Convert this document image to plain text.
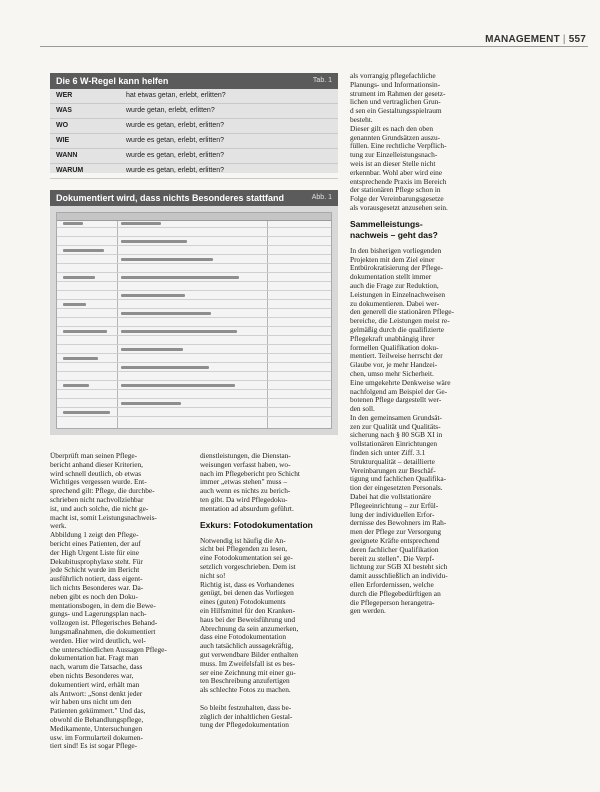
MANAGEMENT | 557
Die 6 W-Regel kann helfen	Tab. 1
WER	hat etwas getan, erlebt, erlitten?
WAS	wurde getan, erlebt, erlitten?
WO	wurde es getan, erlebt, erlitten?
WIE	wurde es getan, erlebt, erlitten?
WANN	wurde es getan, erlebt, erlitten?
WARUM	wurde es getan, erlebt, erlitten?
Dokumentiert wird, dass nichts Besonderes stattfand	Abb. 1
Überprüft man seinen Pflege-
bericht anhand dieser Kriterien,
wird schnell deutlich, ob etwas
Wichtiges vergessen wurde. Ent-
sprechend gilt: Pflege, die durchbe-
schrieben nicht nachvollziehbar
ist, und auch solche, die nicht ge-
macht ist, somit Leistungsnachweis-
werk.
Abbildung 1 zeigt den Pflege-
bericht eines Patienten, der auf
der High Urgent Liste für eine
Dekubitusprophylaxe steht. Für
jede Schicht wurde im Bericht
ausführlich notiert, dass eigent-
lich nichts Besonderes war. Da-
neben gibt es noch den Doku-
mentationsbogen, in dem die Bewe-
gungs- und Lagerungsplan nach-
vollzogen ist. Pflegerisches Behand-
lungsmaßnahmen, die dokumentiert
werden. Hier wird deutlich, wel-
che unterschiedlichen Aussagen Pflege-
dokumentation hat. Fragt man
nach, warum die Tatsache, dass
eben nichts Besonderes war,
dokumentiert wird, erhält man
als Antwort: „Sonst denkt jeder
wir haben uns nicht um den
Patienten gekümmert." Und das,
obwohl die Behandlungspflege,
Medikamente, Untersuchungen
usw. im Formularteil dokumen-
tiert sind! Es ist sogar Pflege-
dienstleistungen, die Dienstan-
weisungen verfasst haben, wo-
nach im Pflegebericht pro Schicht
immer „etwas stehen" muss –
auch wenn es nichts zu berich-
ten gibt. Da wird Pflegedoku-
mentation ad absurdum geführt.
Exkurs: Fotodokumentation
Notwendig ist häufig die An-
sicht bei Pflegenden zu lesen,
eine Fotodokumentation sei ge-
setzlich vorgeschrieben. Dem ist
nicht so!
Richtig ist, dass es Vorhandenes
genügt, bei denen das Vorliegen
eines (guten) Fotodokuments
ein Hilfsmittel für den Kranken-
haus bei der Beweisführung und
Abrechnung da sein anzumerken,
dass eine Fotodokumentation
auch tatsächlich aussagekräftig,
gut verwendbare Bilder enthalten
muss. Im Zweifelsfall ist es bes-
ser eine Zeichnung mit einer gu-
ten Beschreibung anzufertigen
als schlechte Fotos zu machen.

So bleibt festzuhalten, dass be-
züglich der inhaltlichen Gestal-
tung der Pflegedokumentation
als vorrangig pflegefachliche
Planungs- und Informationsin-
strument im Rahmen der gesetz-
lichen und vertraglichen Grun-
d sen ein Gestaltungsspielraum
besteht.
Dieser gilt es nach den oben
genannten Grundsätzen auszu-
füllen. Eine rechtliche Verpflich-
tung zur Einzelleistungsnach-
weis ist an dieser Stelle nicht
erkennbar. Wohl aber wird eine
entsprechende Praxis im Bereich
der stationären Pflege schon in
Folge der Vereinbarungsgesetze
als vorausgesetzt anzusehen sein.
Sammelleistungs-
nachweis – geht das?
In den bisherigen vorliegenden
Projekten mit dem Ziel einer
Entbürokratisierung der Pflege-
dokumentation stellt immer
auch die Frage zur Reduktion,
Leistungen in Einzelnachweisen
zu dokumentieren. Dabei wer-
den generell die stationären Pflege-
bereiche, die Leistungen meist re-
gelmäßig durch die qualifizierte
Pflegekraft unabhängig ihrer
formellen Qualifikation doku-
mentiert. Teilweise herrscht der
Glaube vor, je mehr Handzei-
chen, umso mehr Sicherheit.
Eine umgekehrte Denkweise wäre
nachfolgend am Beispiel der Ge-
botenen Pflege dargestellt wer-
den soll.
In den gemeinsamen Grundsät-
zen zur Qualität und Qualitäts-
sicherung nach § 80 SGB XI in
vollstationären Einrichtungen
finden sich unter Ziff. 3.1
Strukturqualität – detaillierte
Vereinbarungen zur Beschäf-
tigung und fachlichen Qualifika-
tion der eingesetzten Personals.
Dabei hat die vollstationäre
Pflegeeinrichtung – zur Erfül-
lung der individuellen Erfor-
dernisse des Bewohners im Rah-
men der Pflege zur Versorgung
geeignete Kräfte entsprechend
deren fachlicher Qualifikation
bereit zu stellen". Die Verpf-
lichtung zur SGB XI besteht sich
damit ausschließlich an individu-
ellen Erfordernissen, welche
durch die Pflegebedürftigen an
die Pflegeperson herangetra-
gen werden.
